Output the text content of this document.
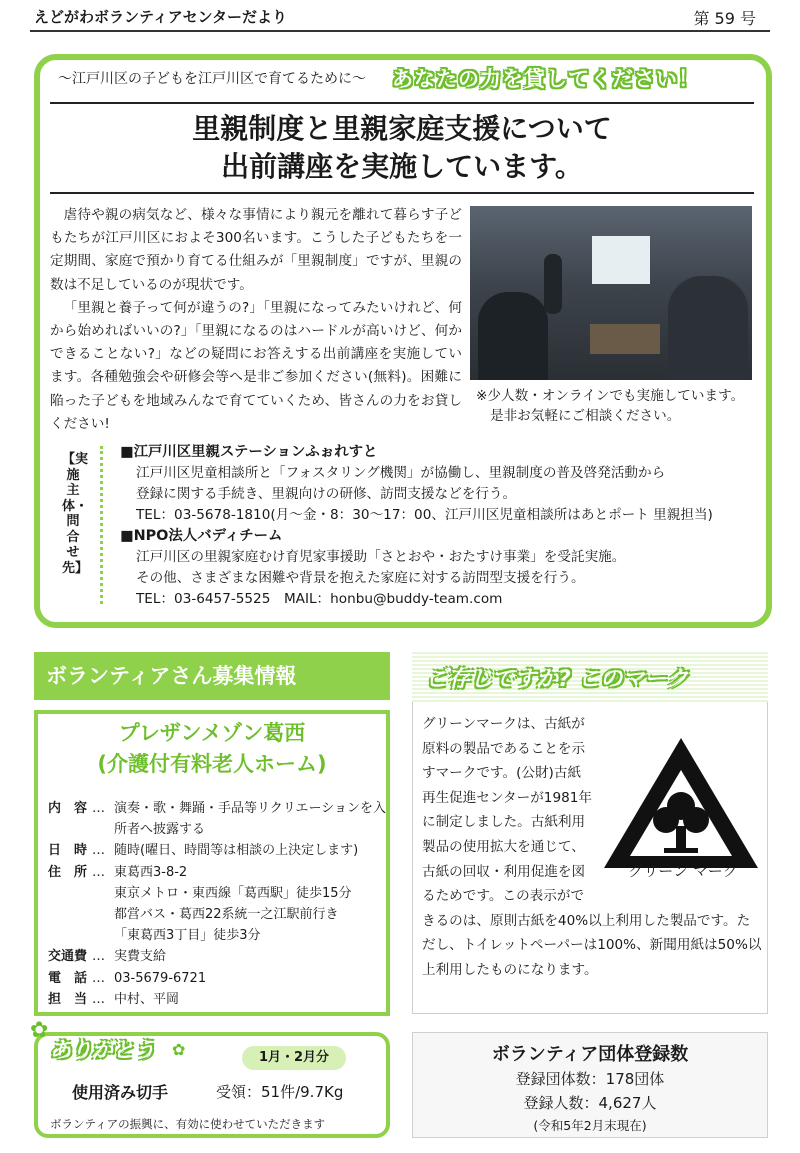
えどがわボランティアセンターだより	第 59 号
～江戸川区の子どもを江戸川区で育てるために～ あなたの力を貸してください！
里親制度と里親家庭支援について
出前講座を実施しています。

虐待や親の病気など、様々な事情により親元を離れて暮らす子どもたちが江戸川区におよそ300名います。こうした子どもたちを一定期間、家庭で預かり育てる仕組みが「里親制度」ですが、里親の数は不足しているのが現状です。

「里親と養子って何が違うの?」「里親になってみたいけれど、何から始めればいいの?」「里親になるのはハードルが高いけど、何かできることない?」などの疑問にお答えする出前講座を実施しています。各種勉強会や研修会等へ是非ご参加ください(無料)。困難に陥った子どもを地域みんなで育てていくため、皆さんの力をお貸しください!

※少人数・オンラインでも実施しています。
是非お気軽にご相談ください。
【実施主体・問合せ先】
■江戸川区里親ステーションふぉれすと
江戸川区児童相談所と「フォスタリング機関」が協働し、里親制度の普及啓発活動から
登録に関する手続き、里親向けの研修、訪問支援などを行う。
TEL：03-5678-1810(月～金・8：30～17：00、江戸川区児童相談所はあとポート 里親担当)
■NPO法人バディチーム
江戸川区の里親家庭むけ育児家事援助「さとおや・おたすけ事業」を受託実施。
その他、さまざまな困難や背景を抱えた家庭に対する訪問型支援を行う。
TEL：03-6457-5525　MAIL：honbu@buddy-team.com
ボランティアさん募集情報
プレザンメゾン葛西
(介護付有料老人ホーム)
内　容 … 演奏・歌・舞踊・手品等リクリエーションを入所者へ披露する
日　時 … 随時(曜日、時間等は相談の上決定します)
住　所 … 東葛西3-8-2
東京メトロ・東西線「葛西駅」徒歩15分
都営バス・葛西22系統一之江駅前行き
「東葛西3丁目」徒歩3分
交通費 … 実費支給
電　話 … 03-5679-6721
担　当 … 中村、平岡
✿
ありがとう ✿	1月・2月分
使用済み切手	受領：51件/9.7Kg
ボランティアの振興に、有効に使わせていただきます
ご存じですか? このマーク
グリーン マーク
グリーンマークは、古紙が原料の製品であることを示すマークです。(公財)古紙再生促進センターが1981年に制定しました。古紙利用製品の使用拡大を通じて、古紙の回収・利用促進を図るためです。この表示ができるのは、原則古紙を40%以上利用した製品です。ただし、トイレットペーパーは100%、新聞用紙は50%以上利用したものになります。
ボランティア団体登録数
登録団体数：178団体
登録人数：4,627人
(令和5年2月末現在)
